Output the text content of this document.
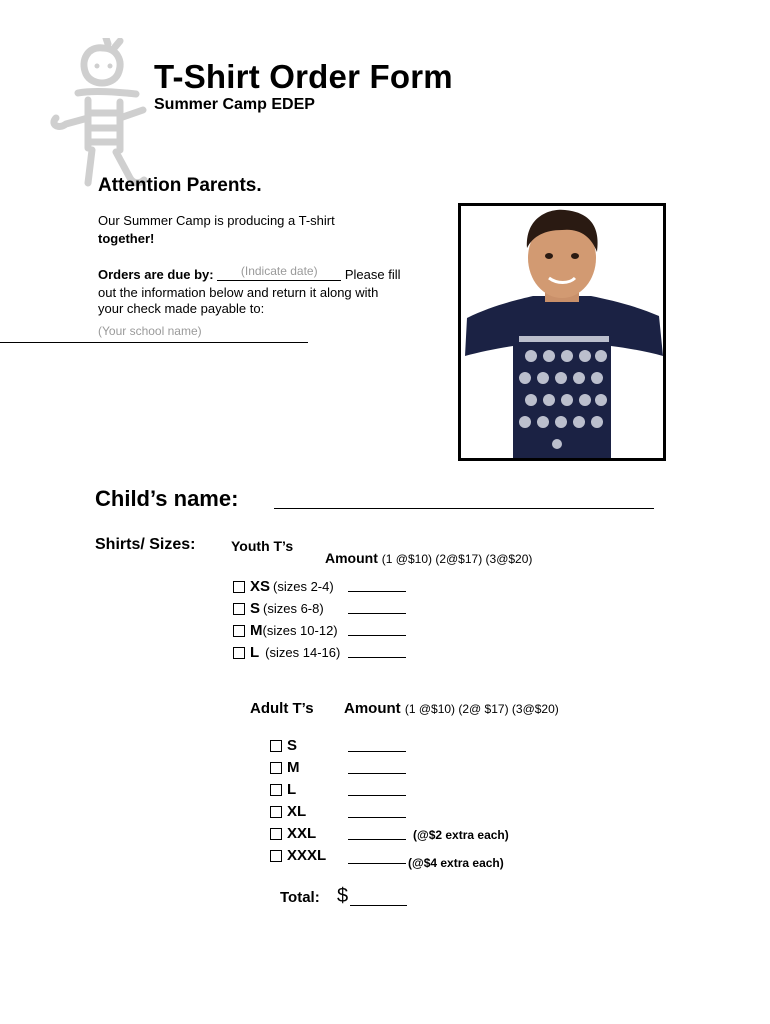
T-Shirt Order Form
Summer Camp EDEP
Attention Parents.
Our Summer Camp is producing a T-shirt
together!
Orders are due by: (Indicate date) Please fill
out the information below and return it along with
your check made payable to:
(Your school name)
Child’s name:
Shirts/ Sizes:	Youth T’s
Amount (1 @$10) (2@$17) (3@$20)
XS (sizes 2-4)
S (sizes 6-8)
M (sizes 10-12)
L (sizes 14-16)
Adult T’s Amount (1 @$10) (2@ $17) (3@$20)
S
M
L
XL
XXL	(@$2 extra each)
XXXL	(@$4 extra each)
Total: $
